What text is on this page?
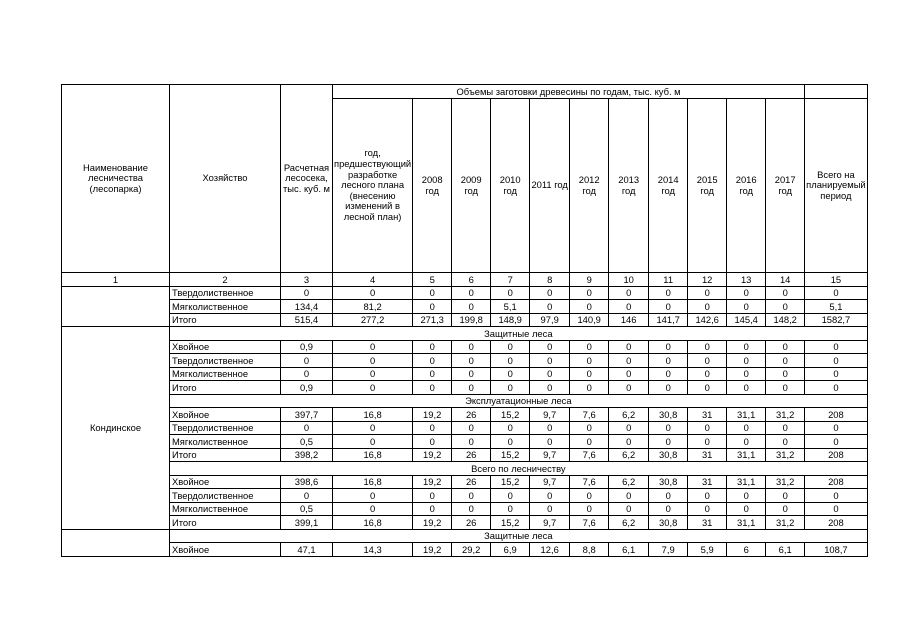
Наименование лесничества (лесопарка)	Хозяйство	Расчетная лесосека, тыс. куб. м	Объемы заготовки древесины по годам, тыс. куб. м											
			год, предшествующий разработке лесного плана (внесению изменений в лесной план)	2008 год	2009 год	2010 год	2011 год	2012 год	2013 год	2014 год	2015 год	2016 год	2017 год	Всего на планируемый период
1	2	3	4	5	6	7	8	9	10	11	12	13	14	15
	Твердолиственное	0	0	0	0	0	0	0	0	0	0	0	0	0
	Мягколиственное	134,4	81,2	0	0	5,1	0	0	0	0	0	0	0	5,1
	Итого	515,4	277,2	271,3	199,8	148,9	97,9	140,9	146	141,7	142,6	145,4	148,2	1582,7
Кондинское	Защитные леса													
	Хвойное	0,9	0	0	0	0	0	0	0	0	0	0	0	0
	Твердолиственное	0	0	0	0	0	0	0	0	0	0	0	0	0
	Мягколиственное	0	0	0	0	0	0	0	0	0	0	0	0	0
	Итого	0,9	0	0	0	0	0	0	0	0	0	0	0	0
	Эксплуатационные леса													
	Хвойное	397,7	16,8	19,2	26	15,2	9,7	7,6	6,2	30,8	31	31,1	31,2	208
	Твердолиственное	0	0	0	0	0	0	0	0	0	0	0	0	0
	Мягколиственное	0,5	0	0	0	0	0	0	0	0	0	0	0	0
	Итого	398,2	16,8	19,2	26	15,2	9,7	7,6	6,2	30,8	31	31,1	31,2	208
	Всего по лесничеству													
	Хвойное	398,6	16,8	19,2	26	15,2	9,7	7,6	6,2	30,8	31	31,1	31,2	208
	Твердолиственное	0	0	0	0	0	0	0	0	0	0	0	0	0
	Мягколиственное	0,5	0	0	0	0	0	0	0	0	0	0	0	0
	Итого	399,1	16,8	19,2	26	15,2	9,7	7,6	6,2	30,8	31	31,1	31,2	208
	Защитные леса													
	Хвойное	47,1	14,3	19,2	29,2	6,9	12,6	8,8	6,1	7,9	5,9	6	6,1	108,7
